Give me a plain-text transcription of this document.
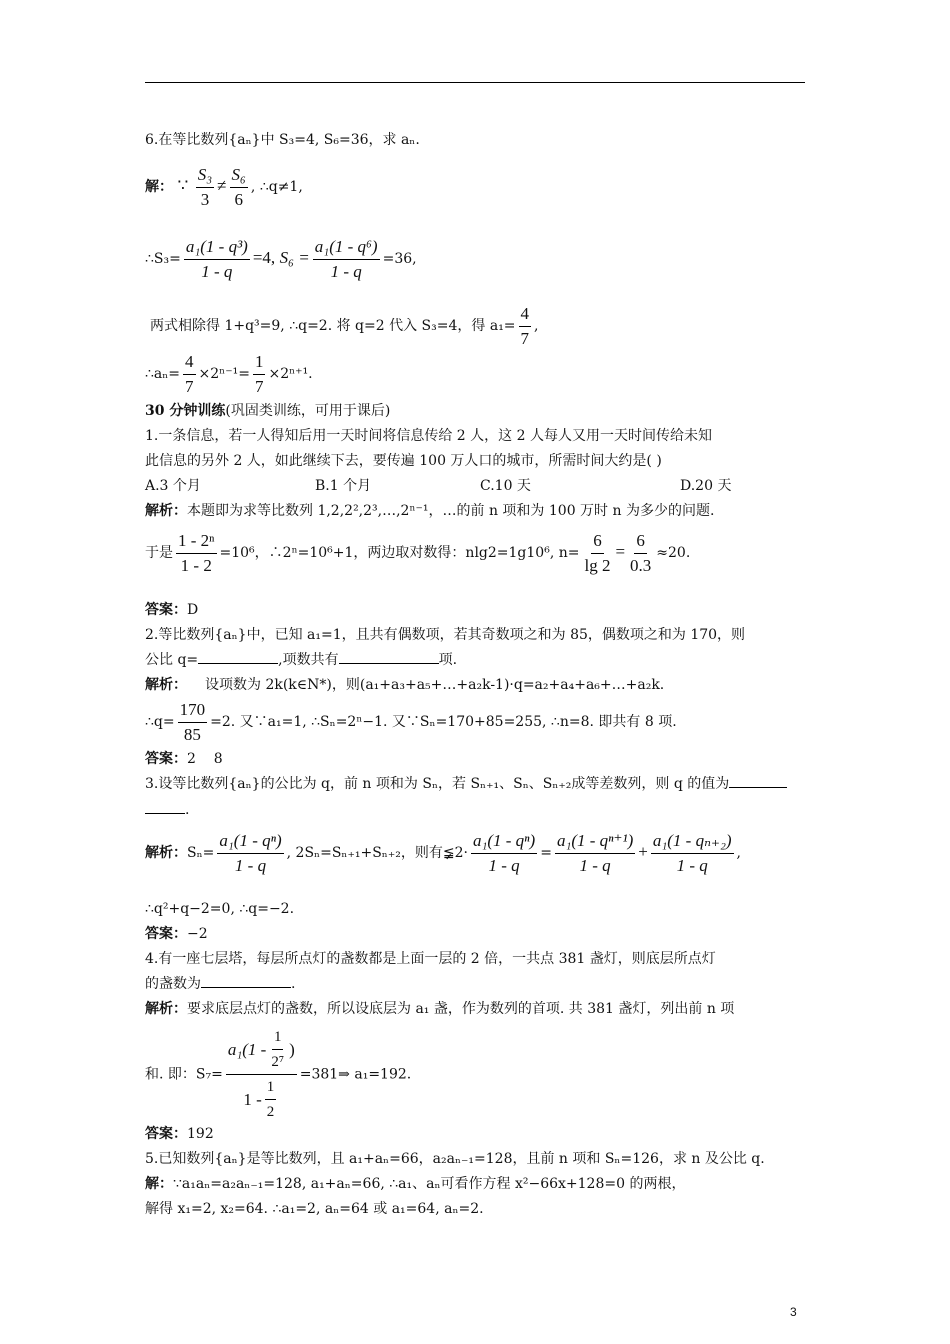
6.在等比数列{aₙ}中 S₃=4, S₆=36，求 aₙ.
解： ∵ $\frac{\text{S₃}}{3} \ne \frac{\text{S₆}}{6}$ , ∴q≠1,
∴S₃= $\frac{\text{a₁(1 - q³)}}{1 - q} =4$, $S_6 = \frac{\text{a₁(1 - q⁶)}}{1 - q} =36$,
两式相除得 1+q³=9, ∴q=2. 将 q=2 代入 S₃=4，得 $a_1= \frac{4}{7}$ ,
∴aₙ= $\frac{4}{7} \times 2^{n-1}= \frac{1}{7} \times 2^{n+1}$.
30 分钟训练(巩固类训练，可用于课后)
1.一条信息，若一人得知后用一天时间将信息传给 2 人，这 2 人每人又用一天时间传给未知
此信息的另外 2 人，如此继续下去，要传遍 100 万人口的城市，所需时间大约是( )
A.3 个月	B.1 个月	C.10 天	D.20 天
解析：本题即为求等比数列 1,2,2²,2³,…,2ⁿ⁻¹，…的前 n 项和为 100 万时 n 为多少的问题.
于是 $\frac{\text{1 - 2ⁿ}}{1 - 2} =10^6$，∴2ⁿ=10⁶+1，两边取对数得：nlg2=1g10⁶, $n= \frac{6}{\lg 2} = \frac{6}{0.3} \approx 20$.
答案：D
2.等比数列{aₙ}中，已知 a₁=1，且共有偶数项，若其奇数项之和为 85，偶数项之和为 170，则
公比 q=	,项数共有	项.
解析： 设项数为 2k(k∈N*)，则(a₁+a₃+a₅+…+a₂k-1)·q=a₂+a₄+a₆+…+a₂k.
∴q= $\frac{170}{85} =2$. 又∵a₁=1, ∴Sₙ=2ⁿ−1. 又∵Sₙ=170+85=255, ∴n=8. 即共有 8 项.
答案：2    8
3.设等比数列{aₙ}的公比为 q，前 n 项和为 Sₙ，若 Sₙ₊₁、Sₙ、Sₙ₊₂成等差数列，则 q 的值为
.
解析：$S_n= \frac{\text{a₁(1 - qⁿ)}}{1 - q}$ , 2Sₙ=Sₙ₊₁+Sₙ₊₂，则有≨2· $\frac{\text{a₁(1 - qⁿ)}}{1 - q} = \frac{\text{a₁(1 - qⁿ⁺¹)}}{1 - q} + \frac{\text{a₁(1 - qₙ₊₂)}}{1 - q}$ ,
∴q²+q−2=0, ∴q=−2.
答案：−2
4.有一座七层塔，每层所点灯的盏数都是上面一层的 2 倍，一共点 381 盏灯，则底层所点灯
的盏数为	.
解析：要求底层点灯的盏数，所以设底层为 a₁ 盏，作为数列的首项. 共 381 盏灯，列出前 n 项
和. 即：$S_7= \frac{a_1(1 - \frac{1}{\text{2⁷}} )}{1 - \frac{1}{2}}$ =381⇒ a₁=192.
答案：192
5.已知数列{aₙ}是等比数列，且 a₁+aₙ=66，a₂aₙ₋₁=128，且前 n 项和 Sₙ=126，求 n 及公比 q.
解：∵a₁aₙ=a₂aₙ₋₁=128, a₁+aₙ=66, ∴a₁、aₙ可看作方程 x²−66x+128=0 的两根，
解得 x₁=2, x₂=64. ∴a₁=2, aₙ=64 或 a₁=64, aₙ=2.
3
